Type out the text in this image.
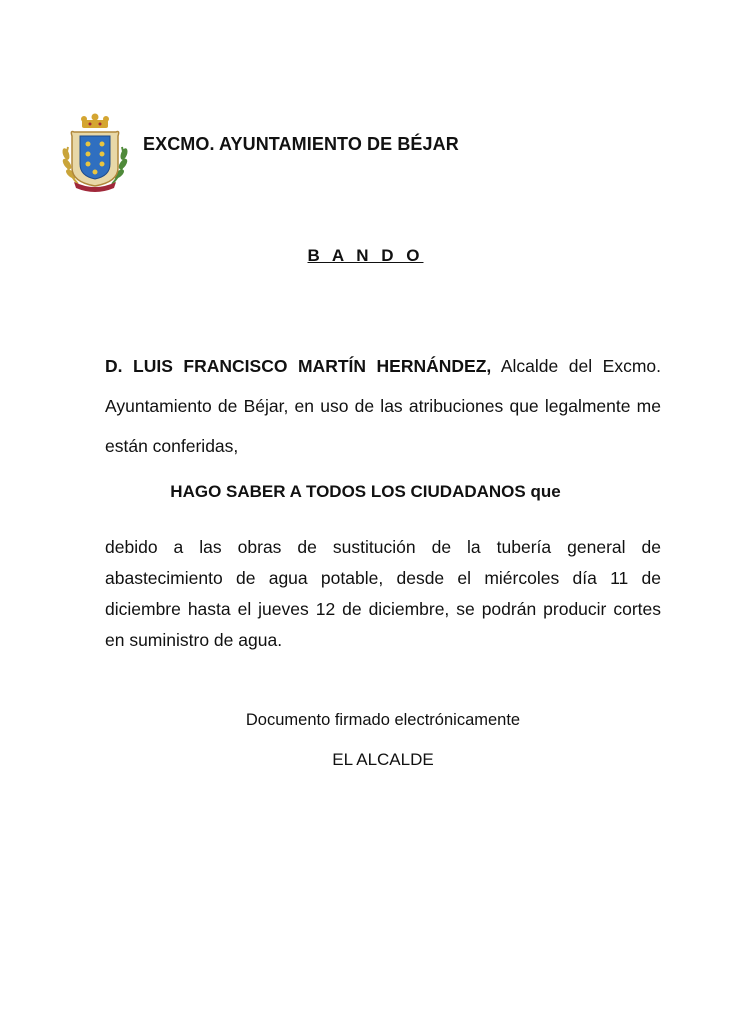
EXCMO. AYUNTAMIENTO DE BÉJAR
B A N D O
D. LUIS FRANCISCO MARTÍN HERNÁNDEZ, Alcalde del Excmo. Ayuntamiento de Béjar, en uso de las atribuciones que legalmente me están conferidas,
HAGO SABER A TODOS LOS CIUDADANOS que
debido a las obras de sustitución de la tubería general de abastecimiento de agua potable, desde el miércoles día 11 de diciembre hasta el jueves 12 de diciembre, se podrán producir cortes en suministro de agua.
Documento firmado electrónicamente
EL ALCALDE
